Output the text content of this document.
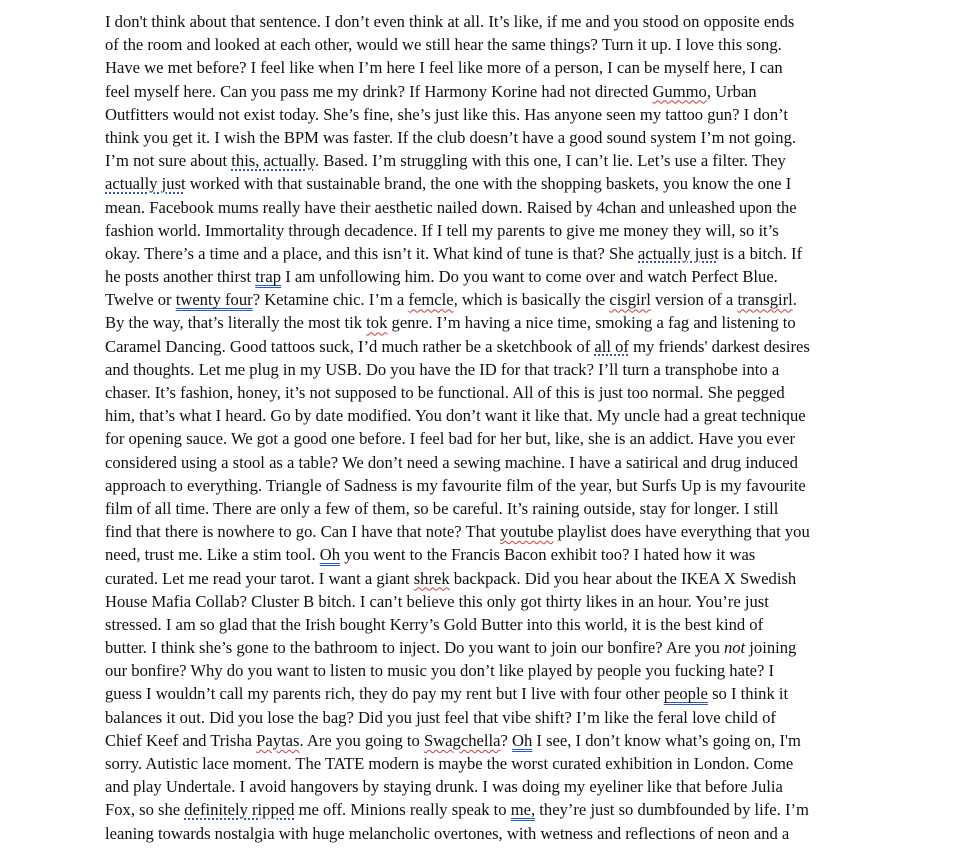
I don't think about that sentence. I don’t even think at all. It’s like, if me and you stood on opposite ends
of the room and looked at each other, would we still hear the same things? Turn it up. I love this song.
Have we met before? I feel like when I’m here I feel like more of a person, I can be myself here, I can
feel myself here. Can you pass me my drink? If Harmony Korine had not directed Gummo, Urban
Outfitters would not exist today. She’s fine, she’s just like this. Has anyone seen my tattoo gun? I don’t
think you get it. I wish the BPM was faster. If the club doesn’t have a good sound system I’m not going.
I’m not sure about this, actually. Based. I’m struggling with this one, I can’t lie. Let’s use a filter. They
actually just worked with that sustainable brand, the one with the shopping baskets, you know the one I
mean. Facebook mums really have their aesthetic nailed down. Raised by 4chan and unleashed upon the
fashion world. Immortality through decadence. If I tell my parents to give me money they will, so it’s
okay. There’s a time and a place, and this isn’t it. What kind of tune is that? She actually just is a bitch. If
he posts another thirst trap I am unfollowing him. Do you want to come over and watch Perfect Blue.
Twelve or twenty four? Ketamine chic. I’m a femcle, which is basically the cisgirl version of a transgirl.
By the way, that’s literally the most tik tok genre. I’m having a nice time, smoking a fag and listening to
Caramel Dancing. Good tattoos suck, I’d much rather be a sketchbook of all of my friends' darkest desires
and thoughts. Let me plug in my USB. Do you have the ID for that track? I’ll turn a transphobe into a
chaser. It’s fashion, honey, it’s not supposed to be functional. All of this is just too normal. She pegged
him, that’s what I heard. Go by date modified. You don’t want it like that. My uncle had a great technique
for opening sauce. We got a good one before. I feel bad for her but, like, she is an addict. Have you ever
considered using a stool as a table? We don’t need a sewing machine. I have a satirical and drug induced
approach to everything. Triangle of Sadness is my favourite film of the year, but Surfs Up is my favourite
film of all time. There are only a few of them, so be careful. It’s raining outside, stay for longer. I still
find that there is nowhere to go. Can I have that note? That youtube playlist does have everything that you
need, trust me. Like a stim tool. Oh you went to the Francis Bacon exhibit too? I hated how it was
curated. Let me read your tarot. I want a giant shrek backpack. Did you hear about the IKEA X Swedish
House Mafia Collab? Cluster B bitch. I can’t believe this only got thirty likes in an hour. You’re just
stressed. I am so glad that the Irish bought Kerry’s Gold Butter into this world, it is the best kind of
butter. I think she’s gone to the bathroom to inject. Do you want to join our bonfire? Are you not joining
our bonfire? Why do you want to listen to music you don’t like played by people you fucking hate? I
guess I wouldn’t call my parents rich, they do pay my rent but I live with four other people so I think it
balances it out. Did you lose the bag? Did you just feel that vibe shift? I’m like the feral love child of
Chief Keef and Trisha Paytas. Are you going to Swagchella? Oh I see, I don’t know what’s going on, I'm
sorry. Autistic lace moment. The TATE modern is maybe the worst curated exhibition in London. Come
and play Undertale. I avoid hangovers by staying drunk. I was doing my eyeliner like that before Julia
Fox, so she definitely ripped me off. Minions really speak to me, they’re just so dumbfounded by life. I’m
leaning towards nostalgia with huge melancholic overtones, with wetness and reflections of neon and a
